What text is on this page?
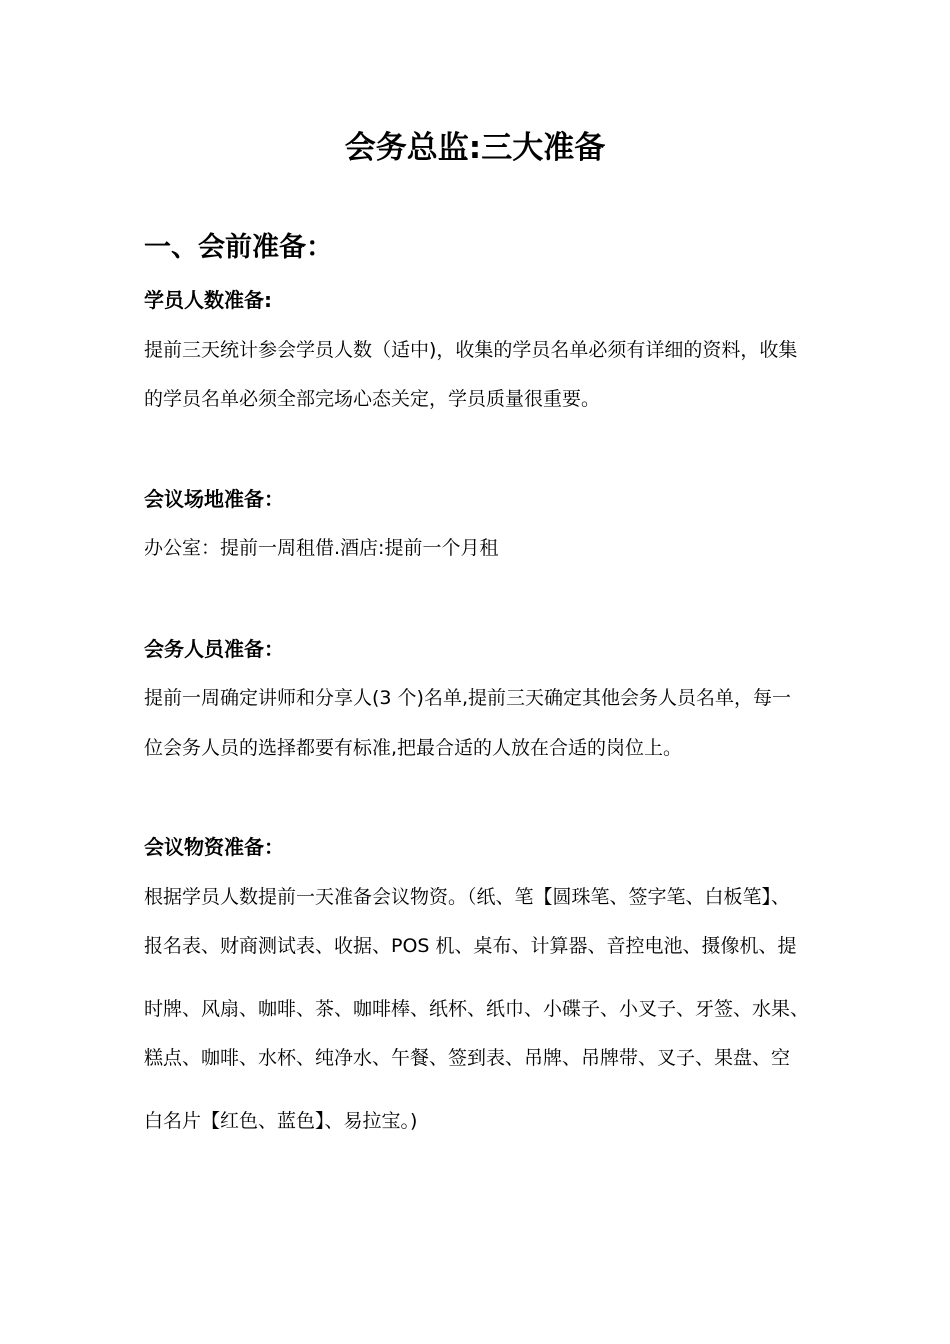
会务总监:三大准备
一、会前准备：
学员人数准备:
提前三天统计参会学员人数（适中)，收集的学员名单必须有详细的资料，收集
的学员名单必须全部完场心态关定，学员质量很重要。
会议场地准备：
办公室：提前一周租借.酒店:提前一个月租
会务人员准备：
提前一周确定讲师和分享人(3 个)名单,提前三天确定其他会务人员名单，每一
位会务人员的选择都要有标准,把最合适的人放在合适的岗位上。
会议物资准备：
根据学员人数提前一天准备会议物资。（纸、笔【圆珠笔、签字笔、白板笔】、
报名表、财商测试表、收据、POS 机、桌布、计算器、音控电池、摄像机、提
时牌、风扇、咖啡、茶、咖啡棒、纸杯、纸巾、小碟子、小叉子、牙签、水果、
糕点、咖啡、水杯、纯净水、午餐、签到表、吊牌、吊牌带、叉子、果盘、空
白名片【红色、蓝色】、易拉宝。)
